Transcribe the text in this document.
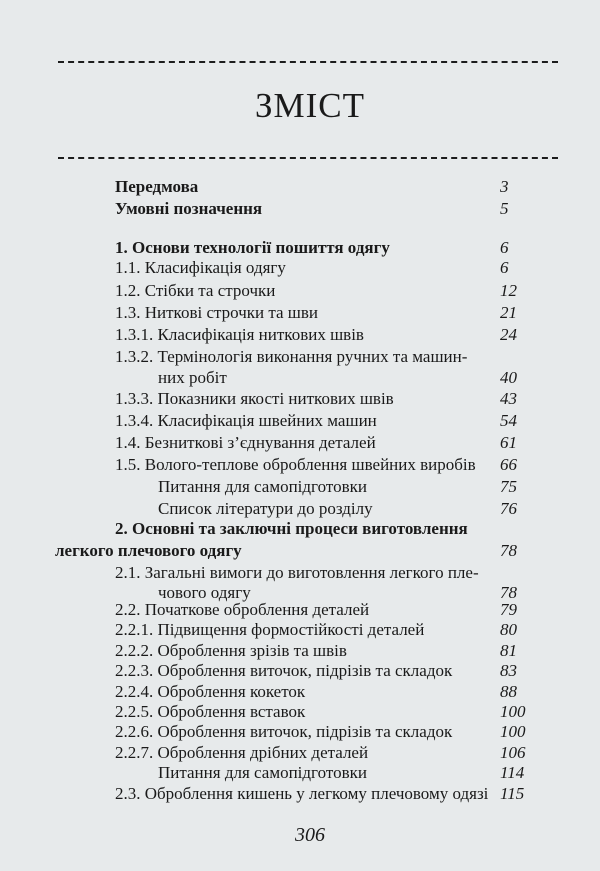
ЗМІСТ
Передмова	3
Умовні позначення	5
1. Основи технології пошиття одягу	6
1.1. Класифікація одягу	6
1.2. Стібки та строчки	12
1.3. Ниткові строчки та шви	21
1.3.1. Класифікація ниткових швів	24
1.3.2. Термінологія виконання ручних та машин-
них робіт	40
1.3.3. Показники якості ниткових швів	43
1.3.4. Класифікація швейних машин	54
1.4. Безниткові з’єднування деталей	61
1.5. Волого-теплове оброблення швейних виробів 66
Питання для самопідготовки	75
Список літератури до розділу	76
2. Основні та заключні процеси виготовлення
легкого плечового одягу	78
2.1. Загальні вимоги до виготовлення легкого пле-
чового одягу	78
2.2. Початкове оброблення деталей	79
2.2.1. Підвищення формостійкості деталей	80
2.2.2. Оброблення зрізів та швів	81
2.2.3. Оброблення виточок, підрізів та складок	83
2.2.4. Оброблення кокеток	88
2.2.5. Оброблення вставок	100
2.2.6. Оброблення виточок, підрізів та складок	100
2.2.7. Оброблення дрібних деталей	106
Питання для самопідготовки	114
2.3. Оброблення кишень у легкому плечовому одязі 115
306
